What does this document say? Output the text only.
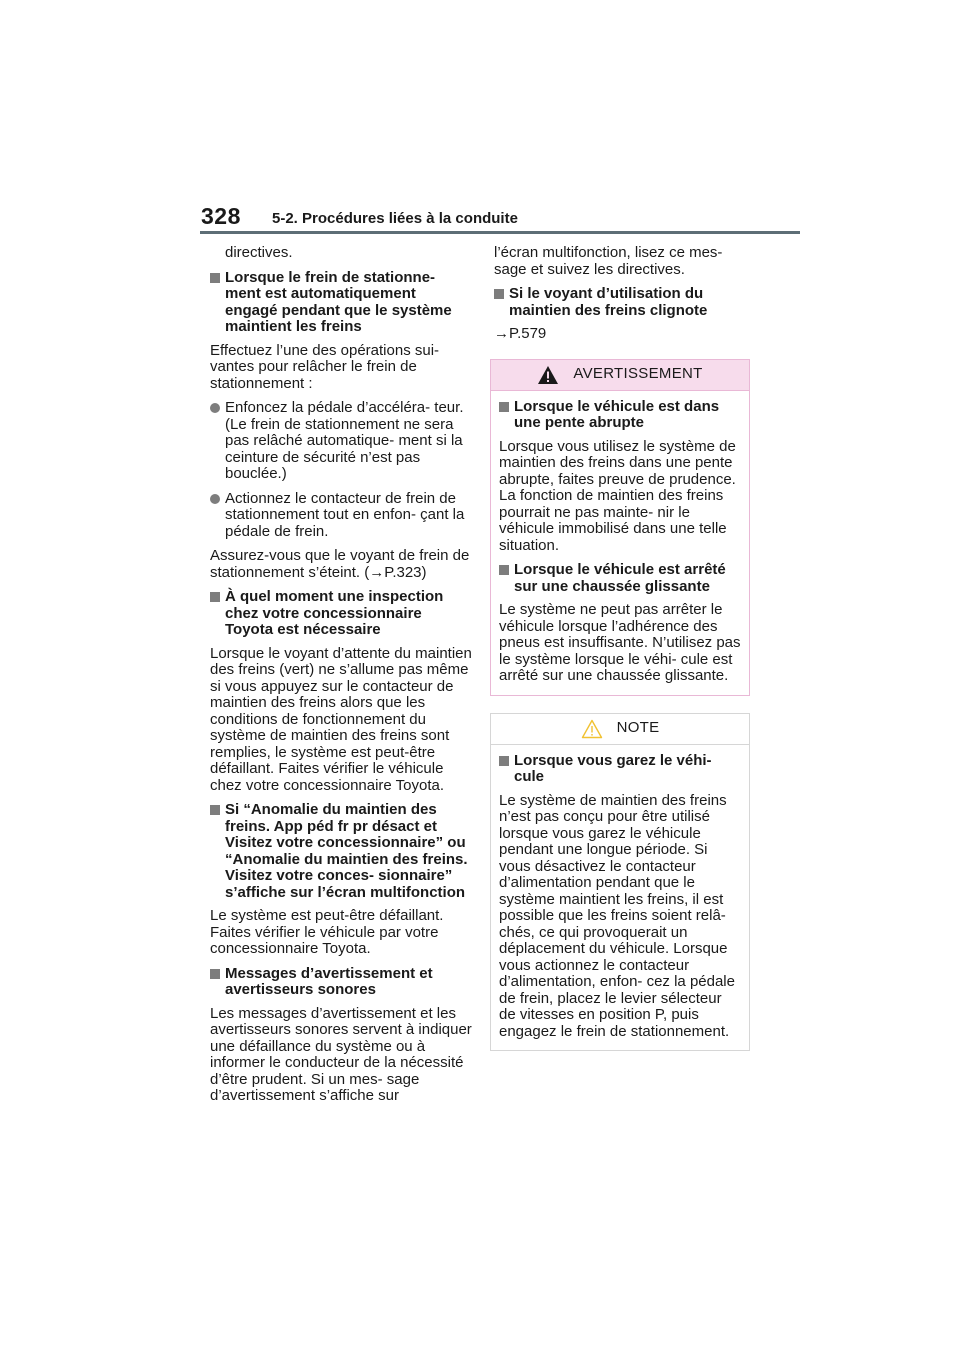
328 5-2. Procédures liées à la conduite

directives.

Lorsque le frein de stationne- ment est automatiquement engagé pendant que le système maintient les freins

Effectuez l’une des opérations sui- vantes pour relâcher le frein de stationnement :

Enfoncez la pédale d’accéléra- teur. (Le frein de stationnement ne sera pas relâché automatique- ment si la ceinture de sécurité n’est pas bouclée.)
Actionnez le contacteur de frein de stationnement tout en enfon- çant la pédale de frein.

Assurez-vous que le voyant de frein de stationnement s’éteint. (→P.323)

À quel moment une inspection chez votre concessionnaire Toyota est nécessaire

Lorsque le voyant d’attente du maintien des freins (vert) ne s’allume pas même si vous appuyez sur le contacteur de maintien des freins alors que les conditions de fonctionnement du système de maintien des freins sont remplies, le système est peut-être défaillant. Faites vérifier le véhicule chez votre concessionnaire Toyota.

Si “Anomalie du maintien des freins. App péd fr pr désact et Visitez votre concessionnaire” ou “Anomalie du maintien des freins. Visitez votre conces- sionnaire” s’affiche sur l’écran multifonction

Le système est peut-être défaillant. Faites vérifier le véhicule par votre concessionnaire Toyota.

Messages d’avertissement et avertisseurs sonores

Les messages d’avertissement et les avertisseurs sonores servent à indiquer une défaillance du système ou à informer le conducteur de la nécessité d’être prudent. Si un mes- sage d’avertissement s’affiche sur

l’écran multifonction, lisez ce mes- sage et suivez les directives.

Si le voyant d’utilisation du maintien des freins clignote

→P.579

AVERTISSEMENT
Lorsque le véhicule est dans une pente abrupte

Lorsque vous utilisez le système de maintien des freins dans une pente abrupte, faites preuve de prudence. La fonction de maintien des freins pourrait ne pas mainte- nir le véhicule immobilisé dans une telle situation.

Lorsque le véhicule est arrêté sur une chaussée glissante

Le système ne peut pas arrêter le véhicule lorsque l’adhérence des pneus est insuffisante. N’utilisez pas le système lorsque le véhi- cule est arrêté sur une chaussée glissante.

NOTE
Lorsque vous garez le véhi- cule

Le système de maintien des freins n’est pas conçu pour être utilisé lorsque vous garez le véhicule pendant une longue période. Si vous désactivez le contacteur d’alimentation pendant que le système maintient les freins, il est possible que les freins soient relâ- chés, ce qui provoquerait un déplacement du véhicule. Lorsque vous actionnez le contacteur d’alimentation, enfon- cez la pédale de frein, placez le levier sélecteur de vitesses en position P, puis engagez le frein de stationnement.
